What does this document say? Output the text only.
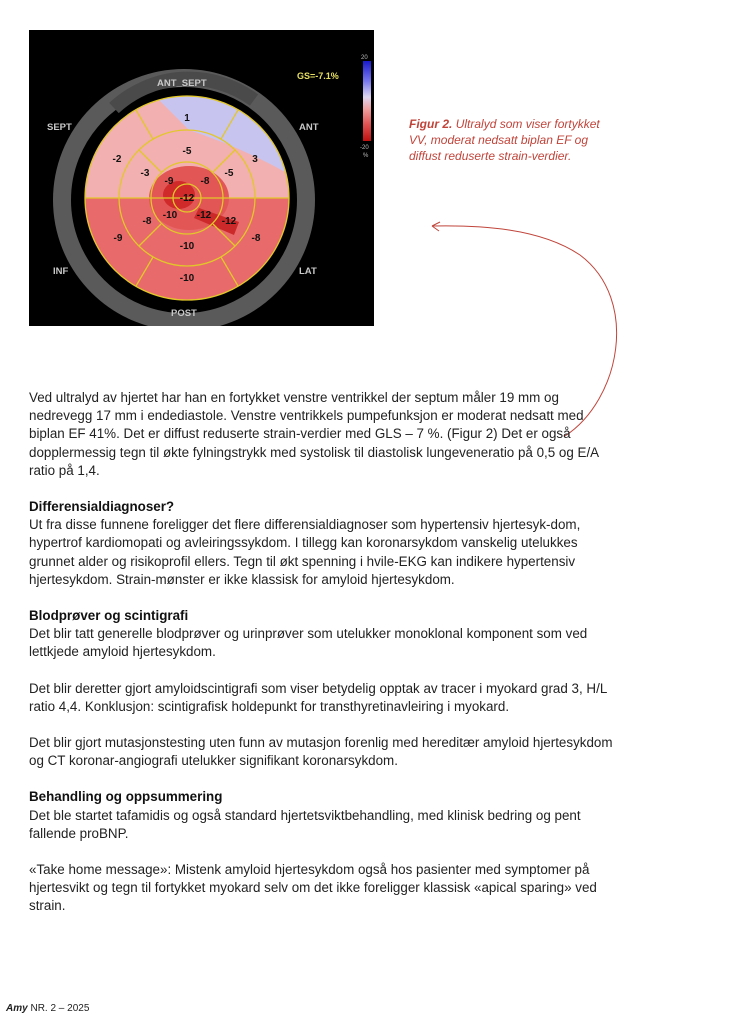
1
-2	3
-5
-3	-5
-9	-8
-12
-8
-10 -12
-12
-9
-10
-8
-10
ANT_SEPT
SEPT	ANT
INF	LAT
POST
GS=-7.1%
20
-20
%
Figur 2. Ultralyd som viser fortykket VV, moderat nedsatt biplan EF og diffust reduserte strain-verdier.

Ved ultralyd av hjertet har han en fortykket venstre ventrikkel der septum måler 19 mm og nedrevegg 17 mm i endediastole. Venstre ventrikkels pumpefunksjon er moderat nedsatt med biplan EF 41%. Det er diffust reduserte strain-verdier med GLS – 7 %. (Figur 2) Det er også dopplermessig tegn til økte fylningstrykk med systolisk til diastolisk lungeveneratio på 0,5 og E/A ratio på 1,4.

Differensialdiagnoser?

Ut fra disse funnene foreligger det flere differensialdiagnoser som hypertensiv hjertesyk-dom, hypertrof kardiomopati og avleiringssykdom. I tillegg kan koronarsykdom vanskelig utelukkes grunnet alder og risikoprofil ellers. Tegn til økt spenning i hvile-EKG kan indikere hypertensiv hjertesykdom. Strain-mønster er ikke klassisk for amyloid hjertesykdom.

Blodprøver og scintigrafi

Det blir tatt generelle blodprøver og urinprøver som utelukker monoklonal komponent som ved lettkjede amyloid hjertesykdom.

Det blir deretter gjort amyloidscintigrafi som viser betydelig opptak av tracer i myokard grad 3, H/L ratio 4,4. Konklusjon: scintigrafisk holdepunkt for transthyretinavleiring i myokard.

Det blir gjort mutasjonstesting uten funn av mutasjon forenlig med hereditær amyloid hjertesykdom og CT koronar-angiografi utelukker signifikant koronarsykdom.

Behandling og oppsummering

Det ble startet tafamidis og også standard hjertetsviktbehandling, med klinisk bedring og pent fallende proBNP.

«Take home message»: Mistenk amyloid hjertesykdom også hos pasienter med symptomer på hjertesvikt og tegn til fortykket myokard selv om det ikke foreligger klassisk «apical sparing» ved strain.

Amy NR. 2 – 2025
